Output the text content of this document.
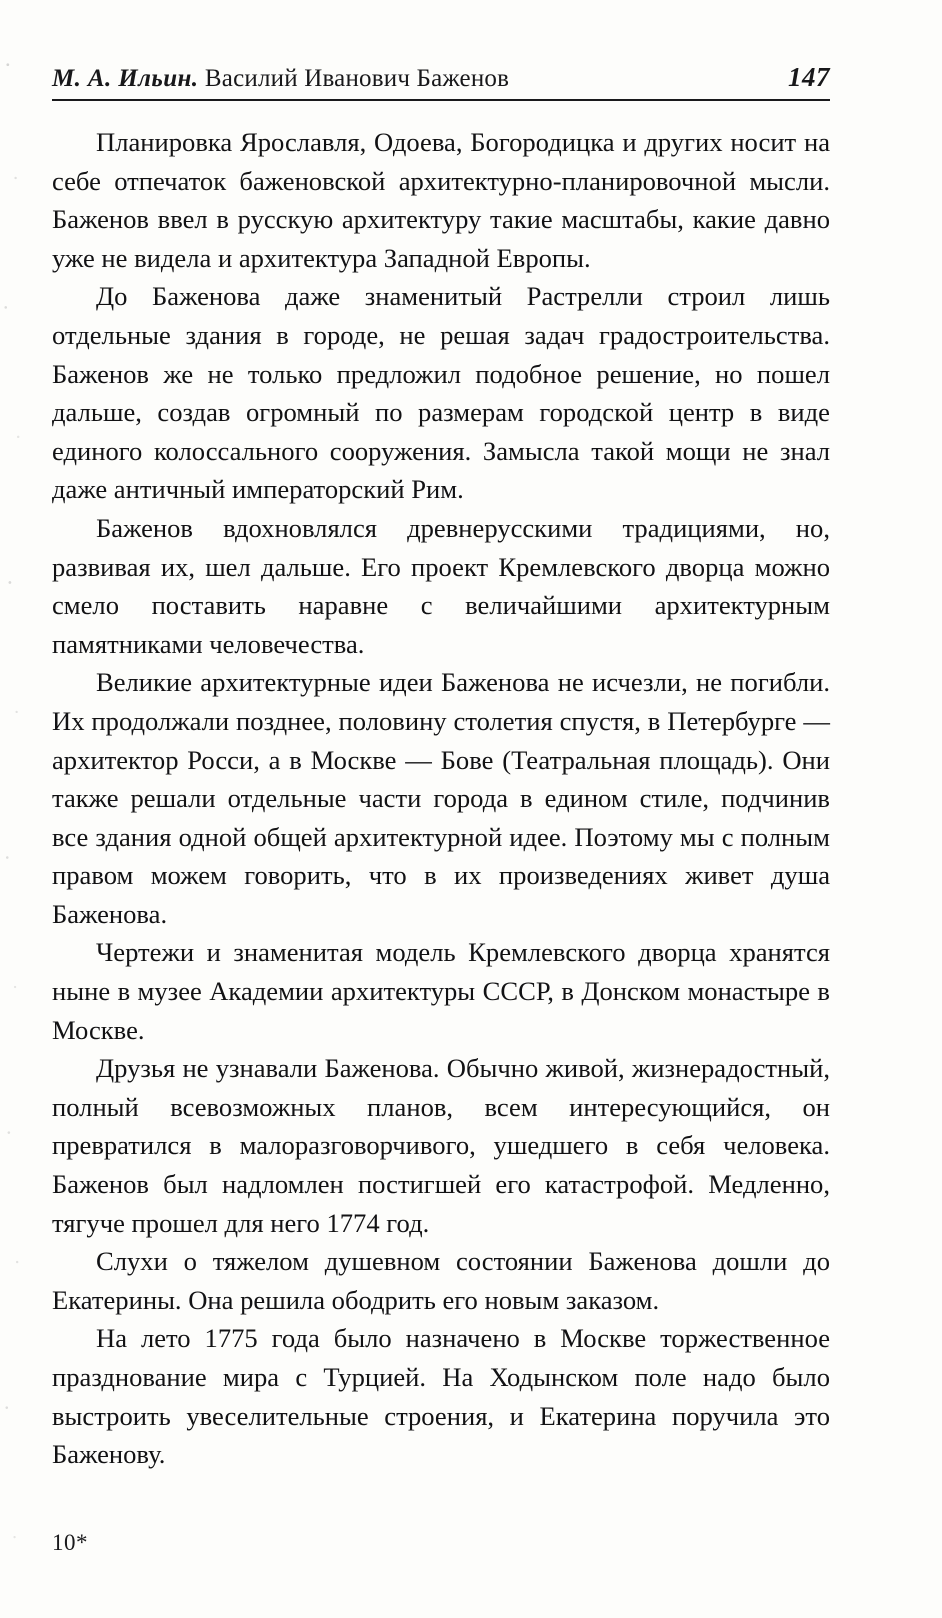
М. А. Ильин. Василий Иванович Баженов	147

Планировка Ярославля, Одоева, Богородицка и других носит на себе отпечаток баженовской архитектурно-планировочной мысли. Баженов ввел в русскую архитектуру такие масштабы, какие давно уже не видела и архитектура Западной Европы.

До Баженова даже знаменитый Растрелли строил лишь отдельные здания в городе, не решая задач градостроительства. Баженов же не только предложил подобное решение, но пошел дальше, создав огромный по размерам городской центр в виде единого колоссального сооружения. Замысла такой мощи не знал даже античный императорский Рим.

Баженов вдохновлялся древнерусскими традициями, но, развивая их, шел дальше. Его проект Кремлевского дворца можно смело поставить наравне с величайшими архитектурным памятниками человечества.

Великие архитектурные идеи Баженова не исчезли, не погибли. Их продолжали позднее, половину столетия спустя, в Петербурге — архитектор Росси, а в Москве — Бове (Театральная площадь). Они также решали отдельные части города в едином стиле, подчинив все здания одной общей архитектурной идее. Поэтому мы с полным правом можем говорить, что в их произведениях живет душа Баженова.

Чертежи и знаменитая модель Кремлевского дворца хранятся ныне в музее Академии архитектуры СССР, в Донском монастыре в Москве.

Друзья не узнавали Баженова. Обычно живой, жизнерадостный, полный всевозможных планов, всем интересующийся, он превратился в малоразговорчивого, ушедшего в себя человека. Баженов был надломлен постигшей его катастрофой. Медленно, тягуче прошел для него 1774 год.

Слухи о тяжелом душевном состоянии Баженова дошли до Екатерины. Она решила ободрить его новым заказом.

На лето 1775 года было назначено в Москве торжественное празднование мира с Турцией. На Ходынском поле надо было выстроить увеселительные строения, и Екатерина поручила это Баженову.

10*
